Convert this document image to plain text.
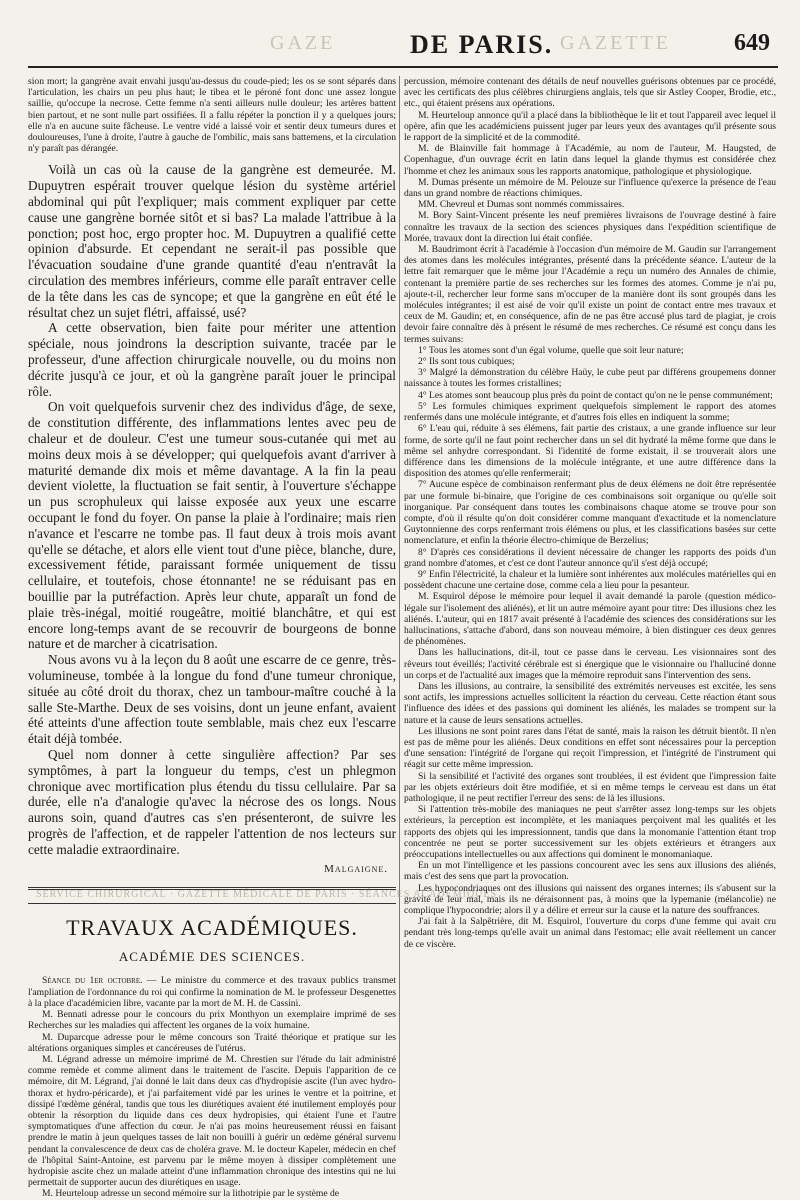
GAZE	DE PARIS. GAZETTE	649

sion mort; la gangrène avait envahi jusqu'au-dessus du coude-pied; les os se sont séparés dans l'articulation, les chairs un peu plus haut; le tibea et le péroné font donc une assez longue saillie, qu'occupe la necrose. Cette femme n'a senti ailleurs nulle douleur; les artères battent bien partout, et ne sont nulle part ossifiées. Il a fallu répéter la ponction il y a quelques jours; elle n'a en aucune suite fâcheuse. Le ventre vidé a laissé voir et sentir deux tumeurs dures et douloureuses, l'une à droite, l'autre à gauche de l'ombilic, mais sans battemens, et la circulation n'y paraît pas dérangée.

Voilà un cas où la cause de la gangrène est demeurée. M. Dupuytren espérait trouver quelque lésion du système artériel abdominal qui pût l'expliquer; mais comment expliquer par cette cause une gangrène bornée sitôt et si bas? La malade l'attribue à la ponction; post hoc, ergo propter hoc. M. Dupuytren a qualifié cette opinion d'absurde. Et cependant ne serait-il pas possible que l'évacuation soudaine d'une grande quantité d'eau n'entravât la circulation des membres inférieurs, comme elle paraît entraver celle de la tête dans les cas de syncope; et que la gangrène en eût été le résultat chez un sujet flétri, affaissé, usé?

A cette observation, bien faite pour mériter une attention spéciale, nous joindrons la description suivante, tracée par le professeur, d'une affection chirurgicale nouvelle, ou du moins non décrite jusqu'à ce jour, et où la gangrène paraît jouer le principal rôle.

On voit quelquefois survenir chez des individus d'âge, de sexe, de constitution différente, des inflammations lentes avec peu de chaleur et de douleur. C'est une tumeur sous-cutanée qui met au moins deux mois à se développer; qui quelquefois avant d'arriver à maturité demande dix mois et même davantage. A la fin la peau devient violette, la fluctuation se fait sentir, à l'ouverture s'échappe un pus scrophuleux qui laisse exposée aux yeux une escarre occupant le fond du foyer. On panse la plaie à l'ordinaire; mais rien n'avance et l'escarre ne tombe pas. Il faut deux à trois mois avant qu'elle se détache, et alors elle vient tout d'une pièce, blanche, dure, excessivement fétide, paraissant formée uniquement de tissu cellulaire, et toutefois, chose étonnante! ne se réduisant pas en bouillie par la putréfaction. Après leur chute, apparaît un fond de plaie très-inégal, moitié rougeâtre, moitié blanchâtre, et qui est encore long-temps avant de se recouvrir de bourgeons de bonne nature et de marcher à cicatrisation.

Nous avons vu à la leçon du 8 août une escarre de ce genre, très-volumineuse, tombée à la longue du fond d'une tumeur chronique, située au côté droit du thorax, chez un tambour-maître couché à la salle Ste-Marthe. Deux de ses voisins, dont un jeune enfant, avaient été atteints d'une affection toute semblable, mais chez eux l'escarre était déjà tombée.

Quel nom donner à cette singulière affection? Par ses symptômes, à part la longueur du temps, c'est un phlegmon chronique avec mortification plus étendu du tissu cellulaire. Par sa durée, elle n'a d'analogie qu'avec la nécrose des os longs. Nous aurons soin, quand d'autres cas s'en présenteront, de suivre les progrès de l'affection, et de rappeler l'attention de nos lecteurs sur cette maladie extraordinaire.

Malgaigne.
SERVICE CHIRURGICAL · GAZETTE MÉDICALE DE PARIS · SÉANCES ACADÉMIQUES
TRAVAUX ACADÉMIQUES.
ACADÉMIE DES SCIENCES.

Séance du 1er octobre. — Le ministre du commerce et des travaux publics transmet l'ampliation de l'ordonnance du roi qui confirme la nomination de M. le professeur Desgenettes à la place d'académicien libre, vacante par la mort de M. H. de Cassini.

M. Bennati adresse pour le concours du prix Monthyon un exemplaire imprimé de ses Recherches sur les maladies qui affectent les organes de la voix humaine.

M. Duparcque adresse pour le même concours son Traité théorique et pratique sur les altérations organiques simples et cancéreuses de l'utérus.

M. Légrand adresse un mémoire imprimé de M. Chrestien sur l'étude du lait administré comme remède et comme aliment dans le traitement de l'ascite. Depuis l'apparition de ce mémoire, dit M. Légrand, j'ai donné le lait dans deux cas d'hydropisie ascite (l'un avec hydro-thorax et hydro-péricarde), et j'ai parfaitement vidé par les urines le ventre et la poitrine, et dissipé l'œdème général, tandis que tous les diurétiques avaient été inutilement employés pour obtenir la résorption du liquide dans ces deux hydropisies, qui étaient l'une et l'autre symptomatiques d'une affection du cœur. Je n'ai pas moins heureusement réussi en faisant prendre le matin à jeun quelques tasses de lait non bouilli à guérir un œdème général survenu pendant la convalescence de deux cas de choléra grave. M. le docteur Kapeler, médecin en chef de l'hôpital Saint-Antoine, est parvenu par le même moyen à dissiper complètement une hydropisie ascite chez un malade atteint d'une inflammation chronique des intestins qui ne lui permettait de supporter aucun des diurétiques en usage.

M. Heurteloup adresse un second mémoire sur la lithotripie par le système de

percussion, mémoire contenant des détails de neuf nouvelles guérisons obtenues par ce procédé, avec les certificats des plus célèbres chirurgiens anglais, tels que sir Astley Cooper, Brodie, etc., etc., qui étaient présens aux opérations.

M. Heurteloup annonce qu'il a placé dans la bibliothèque le lit et tout l'appareil avec lequel il opère, afin que les académiciens puissent juger par leurs yeux des avantages qu'il présente sous le rapport de la simplicité et de la commodité.

M. de Blainville fait hommage à l'Académie, au nom de l'auteur, M. Haugsted, de Copenhague, d'un ouvrage écrit en latin dans lequel la glande thymus est considérée chez l'homme et chez les animaux sous les rapports anatomique, pathologique et physiologique.

M. Dumas présente un mémoire de M. Pelouze sur l'influence qu'exerce la présence de l'eau dans un grand nombre de réactions chimiques.

MM. Chevreul et Dumas sont nommés commissaires.

M. Bory Saint-Vincent présente les neuf premières livraisons de l'ouvrage destiné à faire connaître les travaux de la section des sciences physiques dans l'expédition scientifique de Morée, travaux dont la direction lui était confiée.

M. Baudrimont écrit à l'académie à l'occasion d'un mémoire de M. Gaudin sur l'arrangement des atomes dans les molécules intégrantes, présenté dans la précédente séance. L'auteur de la lettre fait remarquer que le même jour l'Académie a reçu un numéro des Annales de chimie, contenant la première partie de ses recherches sur les formes des atomes. Comme je n'ai pu, ajoute-t-il, rechercher leur forme sans m'occuper de la manière dont ils sont groupés dans les molécules intégrantes; il est aisé de voir qu'il existe un point de contact entre mes travaux et ceux de M. Gaudin; et, en conséquence, afin de ne pas être accusé plus tard de plagiat, je crois devoir faire connaître dès à présent le résumé de mes recherches. Ce résumé est conçu dans les termes suivans:

1° Tous les atomes sont d'un égal volume, quelle que soit leur nature;

2° Ils sont tous cubiques;

3° Malgré la démonstration du célèbre Haüy, le cube peut par différens groupemens donner naissance à toutes les formes cristallines;

4° Les atomes sont beaucoup plus près du point de contact qu'on ne le pense communément;

5° Les formules chimiques expriment quelquefois simplement le rapport des atomes renfermés dans une molécule intégrante, et d'autres fois elles en indiquent la somme;

6° L'eau qui, réduite à ses élémens, fait partie des cristaux, a une grande influence sur leur forme, de sorte qu'il ne faut point rechercher dans un sel dit hydraté la même forme que dans le même sel anhydre correspondant. Si l'identité de forme existait, il se trouverait alors une différence dans les dimensions de la molécule intégrante, et une autre différence dans la disposition des atomes qu'elle renfermerait;

7° Aucune espèce de combinaison renfermant plus de deux élémens ne doit être représentée par une formule bi-binaire, que l'origine de ces combinaisons soit organique ou qu'elle soit inorganique. Par conséquent dans toutes les combinaisons chaque atome se trouve pour son compte, d'où il résulte qu'on doit considérer comme manquant d'exactitude et la nomenclature Guytonnienne des corps renfermant trois élémens ou plus, et les classifications basées sur cette nomenclature, et enfin la théorie électro-chimique de Berzelius;

8° D'après ces considérations il devient nécessaire de changer les rapports des poids d'un grand nombre d'atomes, et c'est ce dont l'auteur annonce qu'il s'est déjà occupé;

9° Enfin l'électricité, la chaleur et la lumière sont inhérentes aux molécules matérielles qui en possèdent chacune une certaine dose, comme cela a lieu pour la pesanteur.

M. Esquirol dépose le mémoire pour lequel il avait demandé la parole (question médico-légale sur l'isolement des aliénés), et lit un autre mémoire ayant pour titre: Des illusions chez les aliénés. L'auteur, qui en 1817 avait présenté à l'académie des sciences des considérations sur les hallucinations, s'attache d'abord, dans son nouveau mémoire, à bien distinguer ces deux genres de phénomènes.

Dans les hallucinations, dit-il, tout ce passe dans le cerveau. Les visionnaires sont des rêveurs tout éveillés; l'activité cérébrale est si énergique que le visionnaire ou l'halluciné donne un corps et de l'actualité aux images que la mémoire reproduit sans l'intervention des sens.

Dans les illusions, au contraire, la sensibilité des extrémités nerveuses est excitée, les sens sont actifs, les impressions actuelles sollicitent la réaction du cerveau. Cette réaction étant sous l'influence des idées et des passions qui dominent les aliénés, les malades se trompent sur la nature et la cause de leurs sensations actuelles.

Les illusions ne sont point rares dans l'état de santé, mais la raison les détruit bientôt. Il n'en est pas de même pour les aliénés. Deux conditions en effet sont nécessaires pour la perception d'une sensation: l'intégrité de l'organe qui reçoit l'impression, et l'intégrité de l'instrument qui réagit sur cette même impression.

Si la sensibilité et l'activité des organes sont troublées, il est évident que l'impression faite par les objets extérieurs doit être modifiée, et si en même temps le cerveau est dans un état pathologique, il ne peut rectifier l'erreur des sens: de là les illusions.

Si l'attention très-mobile des maniaques ne peut s'arrêter assez long-temps sur les objets extérieurs, la perception est incomplète, et les maniaques perçoivent mal les qualités et les rapports des objets qui les impressionnent, tandis que dans la monomanie l'attention étant trop concentrée ne peut se porter successivement sur les objets extérieurs et étrangers aux préoccupations intellectuelles ou aux affections qui dominent le monomaniaque.

En un mot l'intelligence et les passions concourent avec les sens aux illusions des aliénés, mais c'est des sens que part la provocation.

Les hypocondriaques ont des illusions qui naissent des organes internes; ils s'abusent sur la gravité de leur mal, mais ils ne déraisonnent pas, à moins que la lypemanie (mélancolie) ne complique l'hypocondrie; alors il y a délire et erreur sur la cause et la nature des souffrances.

J'ai fait à la Salpêtrière, dit M. Esquirol, l'ouverture du corps d'une femme qui avait cru pendant très long-temps qu'elle avait un animal dans l'estomac; elle avait réellement un cancer de ce viscère.
